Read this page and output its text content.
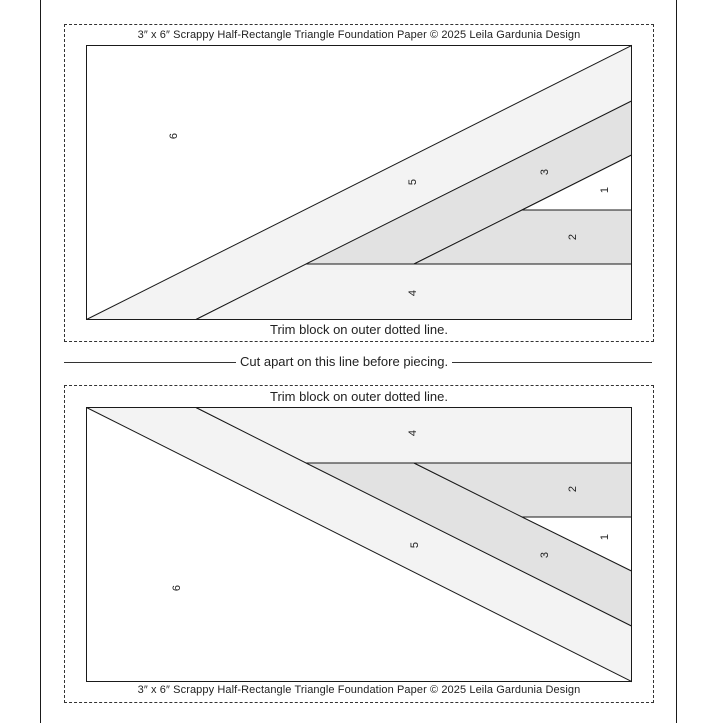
3″ x 6″ Scrappy Half-Rectangle Triangle Foundation Paper © 2025 Leila Gardunia Design
6
5
4
3
2
1
Trim block on outer dotted line.
Cut apart on this line before piecing.
Trim block on outer dotted line.
4
2
5
3
1
6
3″ x 6″ Scrappy Half-Rectangle Triangle Foundation Paper © 2025 Leila Gardunia Design
